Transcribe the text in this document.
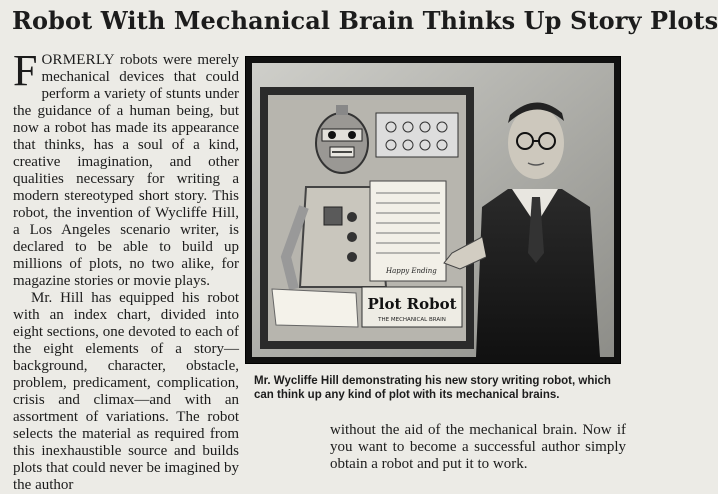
Robot With Mechanical Brain Thinks Up Story Plots

FORMERLY robots were merely mechanical devices that could perform a variety of stunts under the guidance of a human being, but now a robot has made its appearance that thinks, has a soul of a kind, creative imagination, and other qualities necessary for writing a modern stereotyped short story. This robot, the invention of Wycliffe Hill, a Los Angeles scenario writer, is declared to be able to build up millions of plots, no two alike, for magazine stories or movie plays.

Mr. Hill has equipped his robot with an index chart, divided into eight sections, one devoted to each of the eight elements of a story—background, character, obstacle, problem, predicament, complication, crisis and climax—and with an assortment of variations. The robot selects the material as required from this inexhaustible source and builds plots that could never be imagined by the author

Happy Ending
Plot Robot
THE MECHANICAL BRAIN
Mr. Wycliffe Hill demonstrating his new story writing robot, which can think up any kind of plot with its mechanical brains.

without the aid of the mechanical brain. Now if you want to become a successful author simply obtain a robot and put it to work.
